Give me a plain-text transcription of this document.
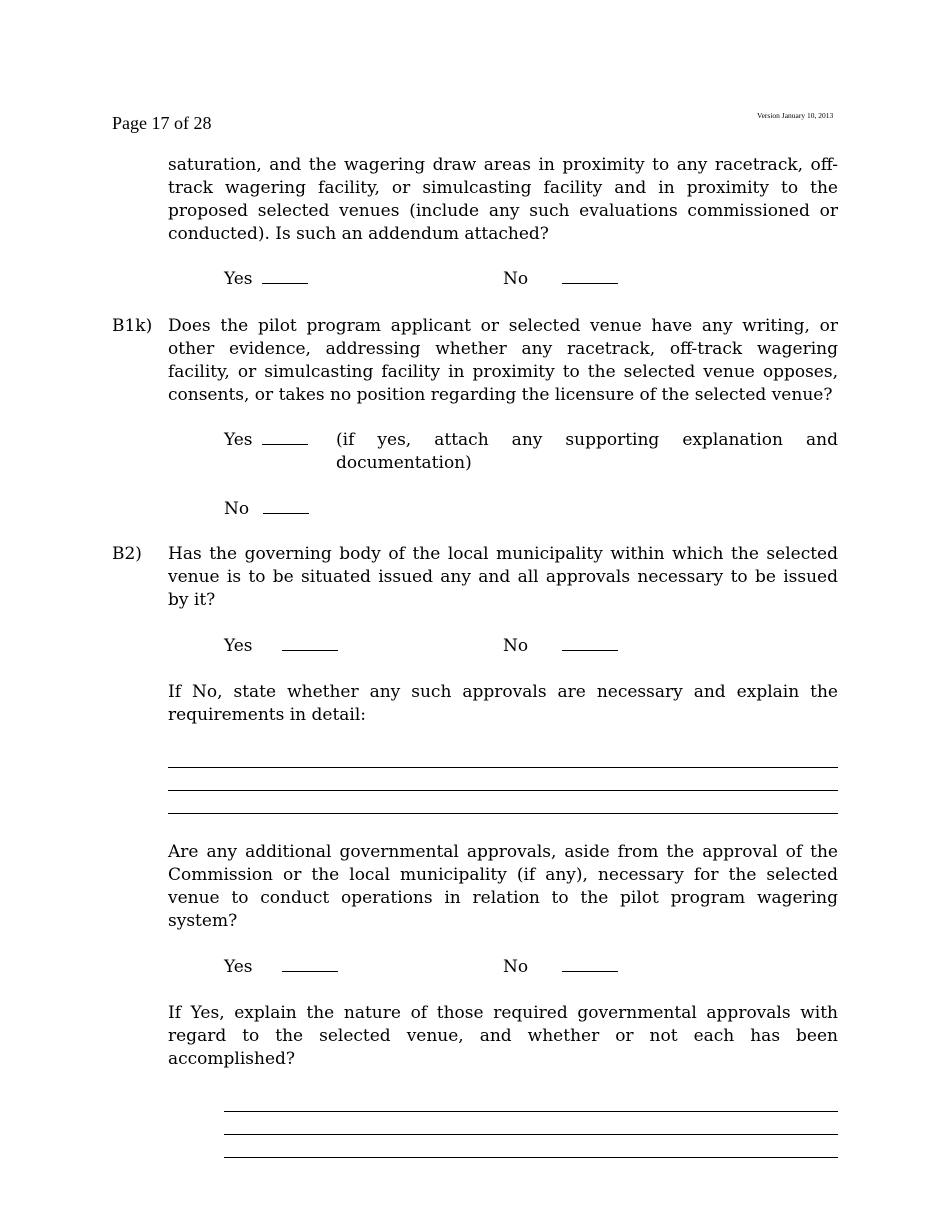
Page 17 of 28	Version January 10, 2013

saturation, and the wagering draw areas in proximity to any racetrack, off-track wagering facility, or simulcasting facility and in proximity to the proposed selected venues (include any such evaluations commissioned or conducted). Is such an addendum attached?

Yes	No
B1k) Does the pilot program applicant or selected venue have any writing, or other evidence, addressing whether any racetrack, off-track wagering facility, or simulcasting facility in proximity to the selected venue opposes, consents, or takes no position regarding the licensure of the selected venue?

Yes	(if yes, attach any supporting explanation and documentation)

No
B2) Has the governing body of the local municipality within which the selected venue is to be situated issued any and all approvals necessary to be issued by it?

Yes	No

If No, state whether any such approvals are necessary and explain the requirements in detail:

Are any additional governmental approvals, aside from the approval of the Commission or the local municipality (if any), necessary for the selected venue to conduct operations in relation to the pilot program wagering system?

Yes	No

If Yes, explain the nature of those required governmental approvals with regard to the selected venue, and whether or not each has been accomplished?
